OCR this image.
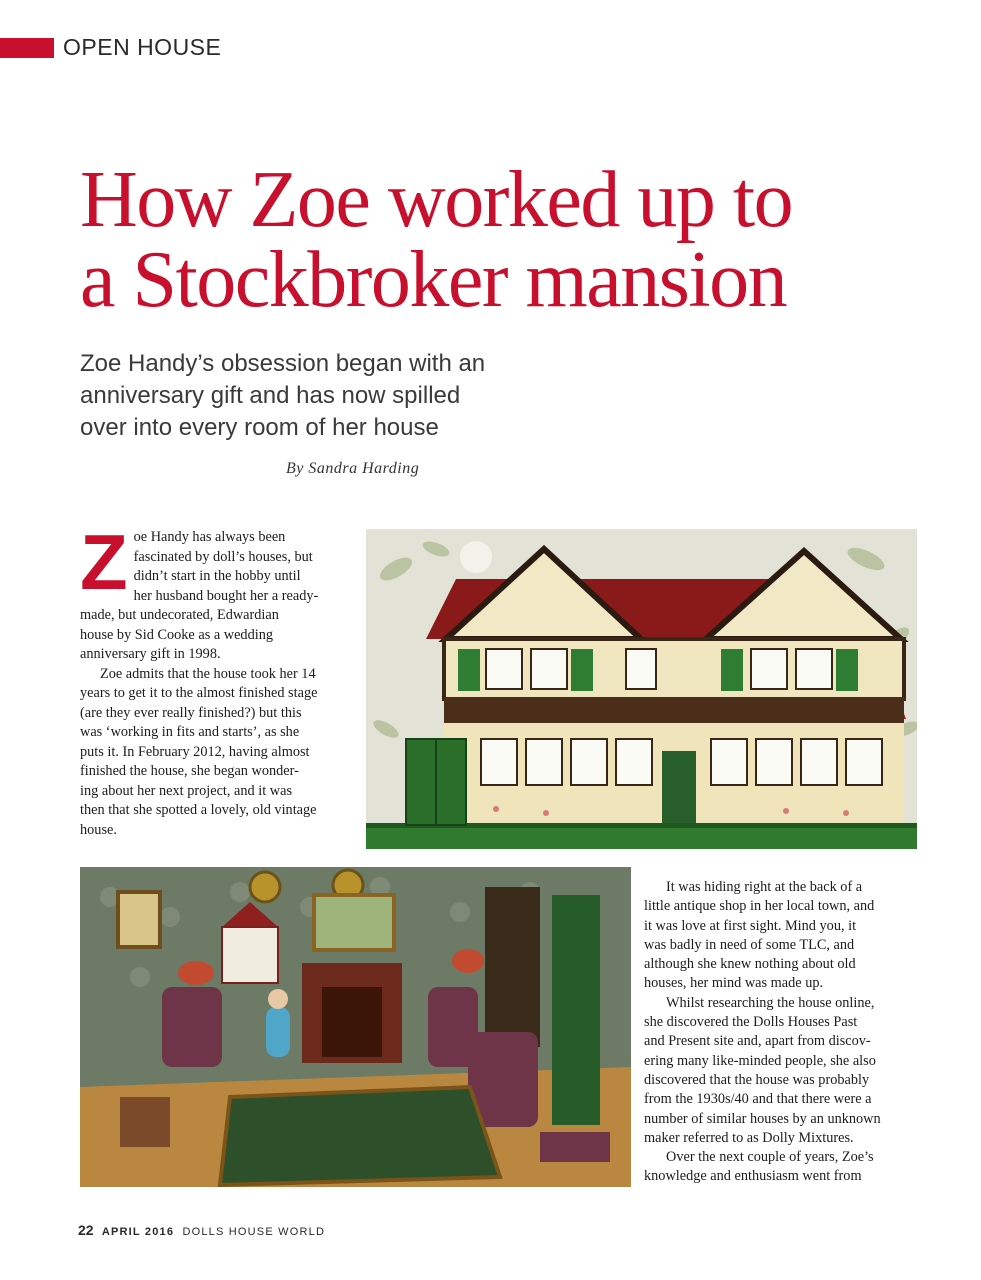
OPEN HOUSE
How Zoe worked up to
a Stockbroker mansion
Zoe Handy’s obsession began with an
anniversary gift and has now spilled
over into every room of her house
By Sandra Harding

Z oe Handy has always been
fascinated by doll’s houses, but
didn’t start in the hobby until
her husband bought her a ready-
made, but undecorated, Edwardian
house by Sid Cooke as a wedding
anniversary gift in 1998.

Zoe admits that the house took her 14
years to get it to the almost finished stage
(are they ever really finished?) but this
was ‘working in fits and starts’, as she
puts it. In February 2012, having almost
finished the house, she began wonder-
ing about her next project, and it was
then that she spotted a lovely, old vintage
house.

It was hiding right at the back of a
little antique shop in her local town, and
it was love at first sight. Mind you, it
was badly in need of some TLC, and
although she knew nothing about old
houses, her mind was made up.

Whilst researching the house online,
she discovered the Dolls Houses Past
and Present site and, apart from discov-
ering many like-minded people, she also
discovered that the house was probably
from the 1930s/40 and that there were a
number of similar houses by an unknown
maker referred to as Dolly Mixtures.

Over the next couple of years, Zoe’s
knowledge and enthusiasm went from

22 APRIL 2016 DOLLS HOUSE WORLD
